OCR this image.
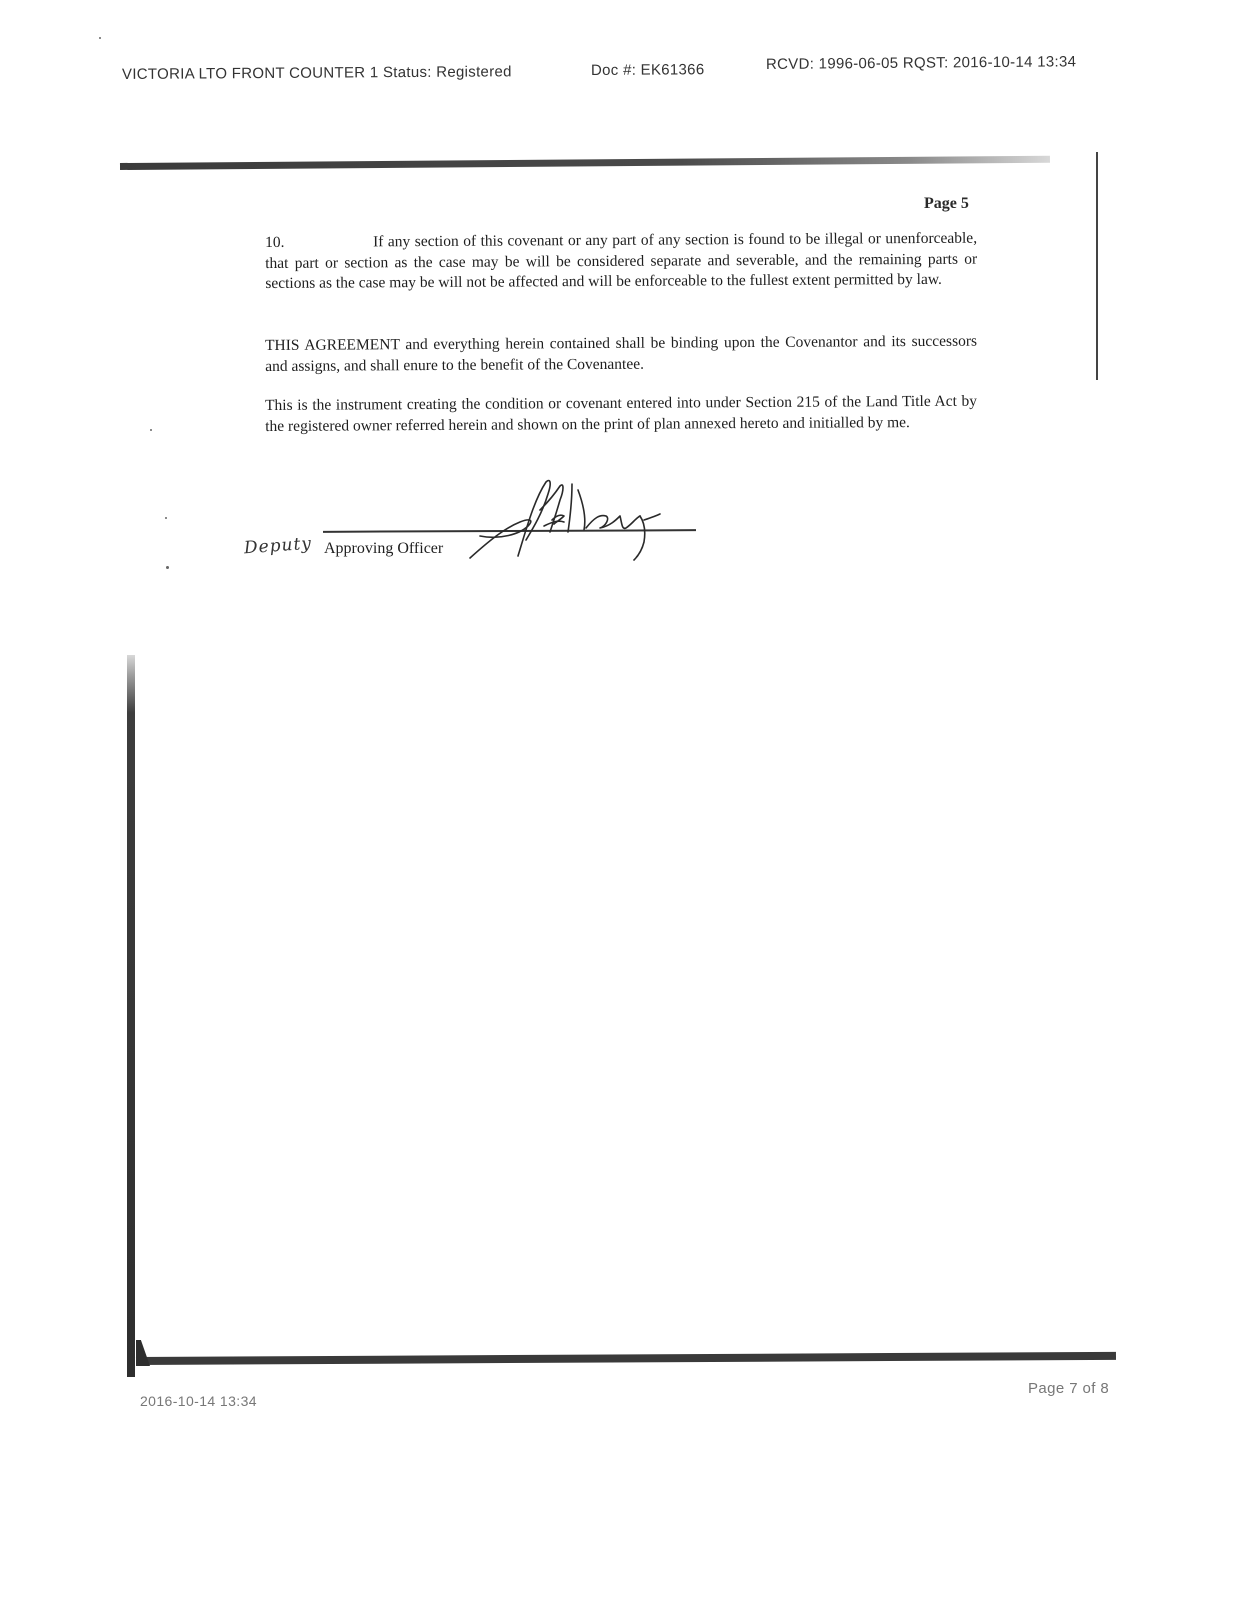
VICTORIA LTO FRONT COUNTER 1 Status: Registered	Doc #: EK61366	RCVD: 1996-06-05 RQST: 2016-10-14 13:34
Page 5
10.	If any section of this covenant or any part of any section is found to be illegal or unenforceable, that part or section as the case may be will be considered separate and severable, and the remaining parts or sections as the case may be will not be affected and will be enforceable to the fullest extent permitted by law.
THIS AGREEMENT and everything herein contained shall be binding upon the Covenantor and its successors and assigns, and shall enure to the benefit of the Covenantee.
This is the instrument creating the condition or covenant entered into under Section 215 of the Land Title Act by the registered owner referred herein and shown on the print of plan annexed hereto and initialled by me.
Deputy Approving Officer
2016-10-14 13:34
Page 7 of 8
